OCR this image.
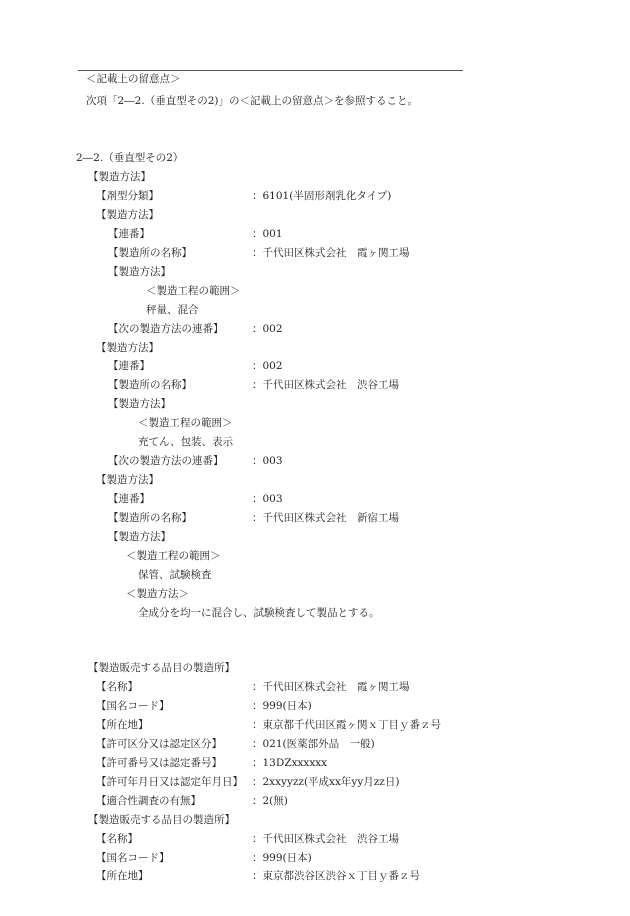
＜記載上の留意点＞
次項「2―2.（垂直型その2)」の＜記載上の留意点＞を参照すること。
2―2.（垂直型その2）
【製造方法】
【剤型分類】	：6101(半固形剤乳化タイプ)
【製造方法】
【連番】	：001
【製造所の名称】	：千代田区株式会社　霞ヶ関工場
【製造方法】
＜製造工程の範囲＞
秤量、混合
【次の製造方法の連番】	：002
【製造方法】
【連番】	：002
【製造所の名称】	：千代田区株式会社　渋谷工場
【製造方法】
＜製造工程の範囲＞
充てん、包装、表示
【次の製造方法の連番】	：003
【製造方法】
【連番】	：003
【製造所の名称】	：千代田区株式会社　新宿工場
【製造方法】
＜製造工程の範囲＞
保管、試験検査
＜製造方法＞
全成分を均一に混合し、試験検査して製品とする。
【製造販売する品目の製造所】
【名称】	：千代田区株式会社　霞ヶ関工場
【国名コード】	：999(日本)
【所在地】	：東京都千代田区霞ヶ関ｘ丁目ｙ番ｚ号
【許可区分又は認定区分】	：021(医薬部外品　一般)
【許可番号又は認定番号】	：13DZxxxxxx
【許可年月日又は認定年月日】 ：2xxyyzz(平成xx年yy月zz日)
【適合性調査の有無】	：2(無)
【製造販売する品目の製造所】
【名称】	：千代田区株式会社　渋谷工場
【国名コード】	：999(日本)
【所在地】	：東京都渋谷区渋谷ｘ丁目ｙ番ｚ号
